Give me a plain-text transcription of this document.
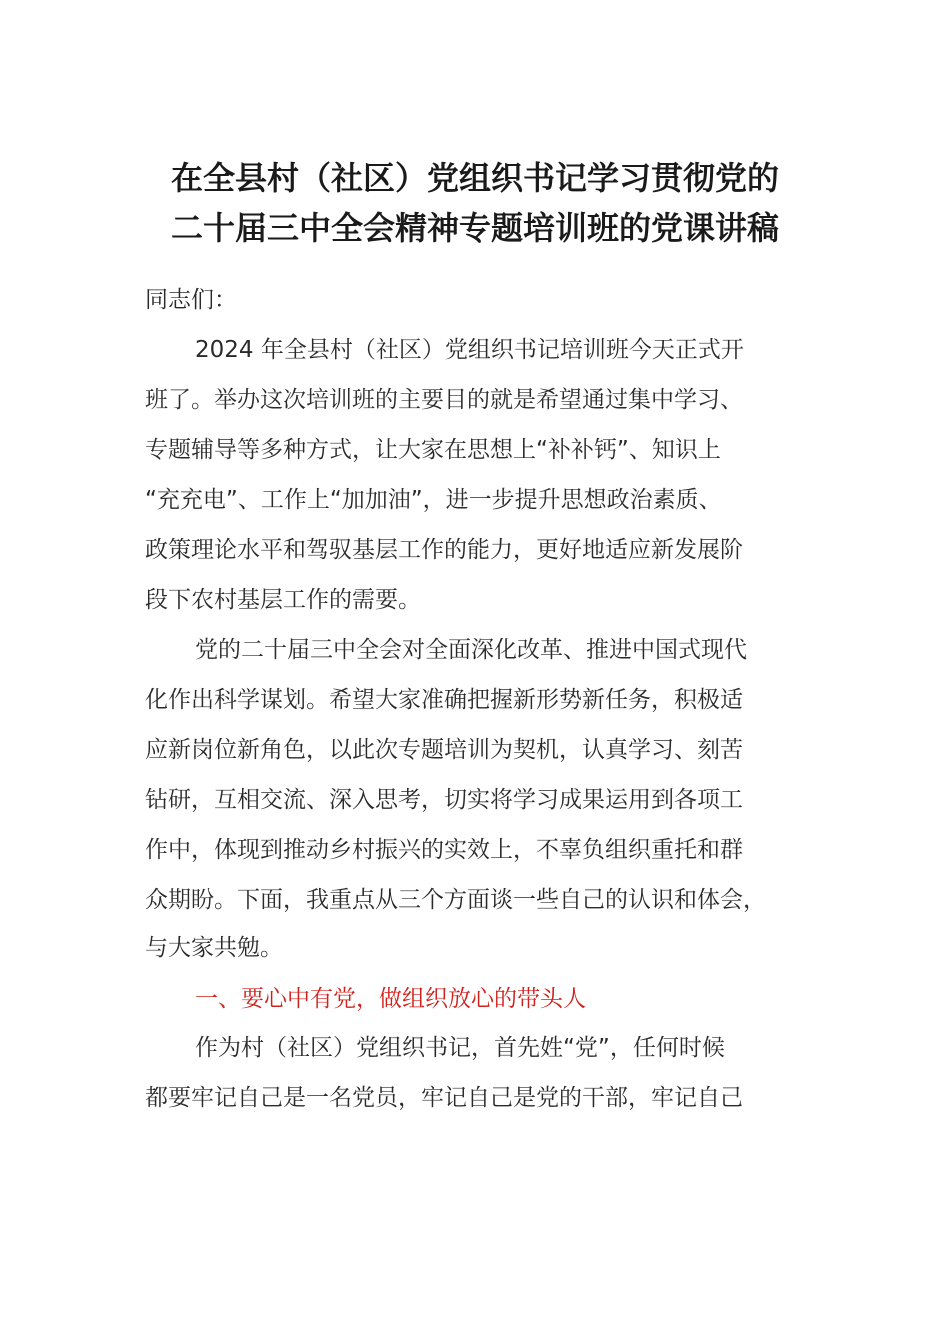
在全县村（社区）党组织书记学习贯彻党的
二十届三中全会精神专题培训班的党课讲稿

同志们：

2024 年全县村（社区）党组织书记培训班今天正式开

班了。举办这次培训班的主要目的就是希望通过集中学习、

专题辅导等多种方式，让大家在思想上“补补钙”、知识上

“充充电”、工作上“加加油”，进一步提升思想政治素质、

政策理论水平和驾驭基层工作的能力，更好地适应新发展阶

段下农村基层工作的需要。

党的二十届三中全会对全面深化改革、推进中国式现代

化作出科学谋划。希望大家准确把握新形势新任务，积极适

应新岗位新角色，以此次专题培训为契机，认真学习、刻苦

钻研，互相交流、深入思考，切实将学习成果运用到各项工

作中，体现到推动乡村振兴的实效上，不辜负组织重托和群

众期盼。下面，我重点从三个方面谈一些自己的认识和体会，

与大家共勉。

一、要心中有党，做组织放心的带头人

作为村（社区）党组织书记，首先姓“党”，任何时候

都要牢记自己是一名党员，牢记自己是党的干部，牢记自己
